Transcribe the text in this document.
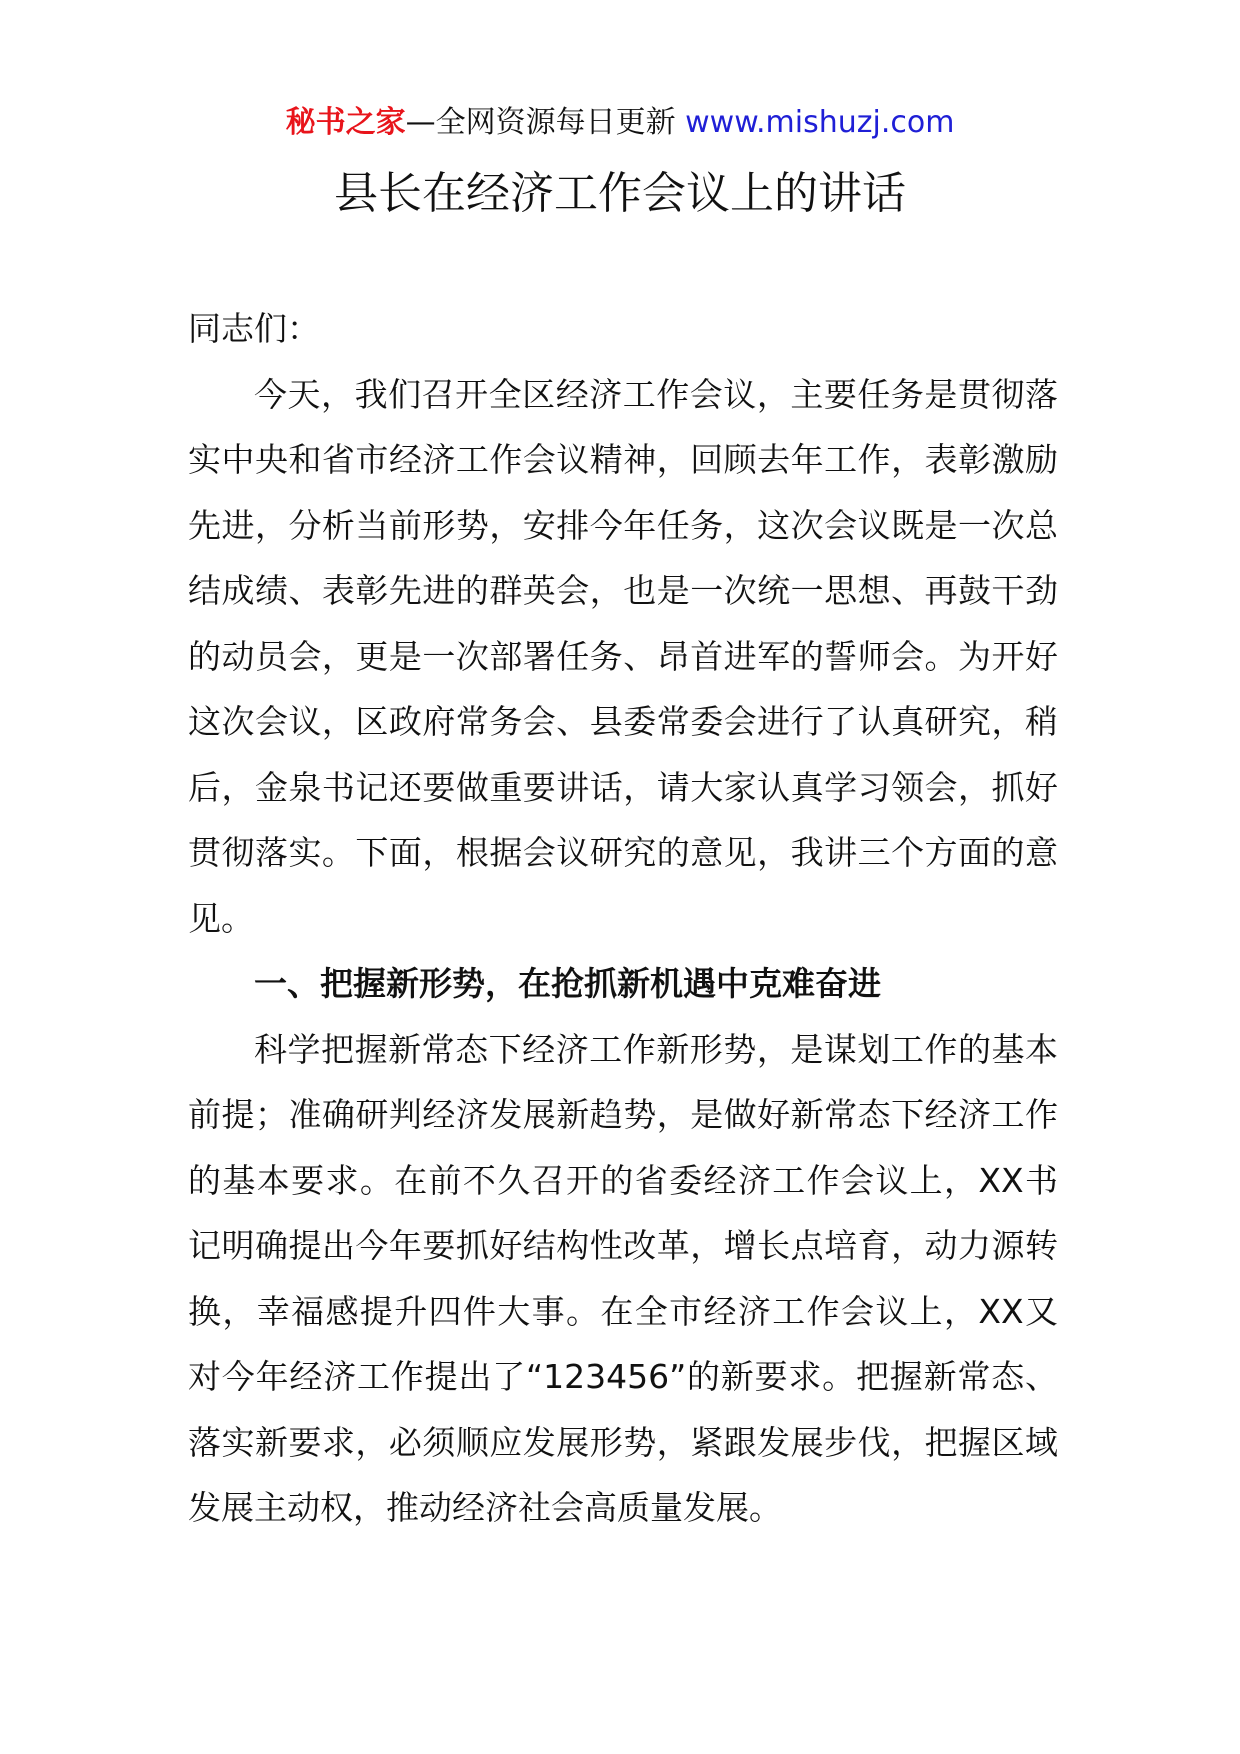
秘书之家—全网资源每日更新 www.mishuzj.com
县长在经济工作会议上的讲话

同志们：

今天，我们召开全区经济工作会议，主要任务是贯彻落实中央和省市经济工作会议精神，回顾去年工作，表彰激励先进，分析当前形势，安排今年任务，这次会议既是一次总结成绩、表彰先进的群英会，也是一次统一思想、再鼓干劲的动员会，更是一次部署任务、昂首进军的誓师会。为开好这次会议，区政府常务会、县委常委会进行了认真研究，稍后，金泉书记还要做重要讲话，请大家认真学习领会，抓好贯彻落实。下面，根据会议研究的意见，我讲三个方面的意见。

一、把握新形势，在抢抓新机遇中克难奋进

科学把握新常态下经济工作新形势，是谋划工作的基本前提；准确研判经济发展新趋势，是做好新常态下经济工作的基本要求。在前不久召开的省委经济工作会议上，XX书记明确提出今年要抓好结构性改革，增长点培育，动力源转换，幸福感提升四件大事。在全市经济工作会议上，XX又对今年经济工作提出了“123456”的新要求。把握新常态、落实新要求，必须顺应发展形势，紧跟发展步伐，把握区域发展主动权，推动经济社会高质量发展。
